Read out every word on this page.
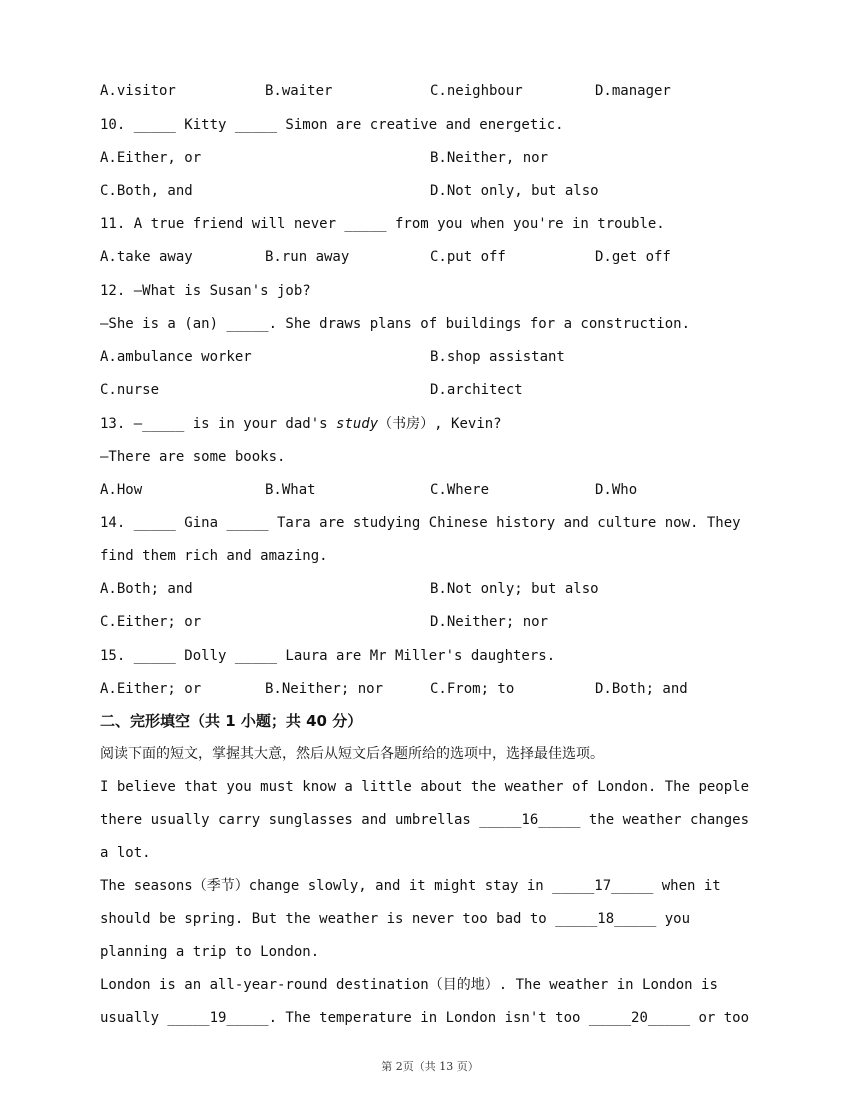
A.visitor	B.waiter	C.neighbour	D.manager
10. _____ Kitty _____ Simon are creative and energetic.
A.Either, or	B.Neither, nor
C.Both, and	D.Not only, but also
11. A true friend will never _____ from you when you're in trouble.
A.take away	B.run away	C.put off	D.get off
12. —What is Susan's job?
—She is a (an) _____. She draws plans of buildings for a construction.
A.ambulance worker	B.shop assistant
C.nurse	D.architect
13. —_____ is in your dad's study（书房）, Kevin?
—There are some books.
A.How	B.What	C.Where	D.Who
14. _____ Gina _____ Tara are studying Chinese history and culture now. They
find them rich and amazing.
A.Both; and	B.Not only; but also
C.Either; or	D.Neither; nor
15. _____ Dolly _____ Laura are Mr Miller's daughters.
A.Either; or	B.Neither; nor	C.From; to	D.Both; and
二、完形填空（共 1 小题；共 40 分）
阅读下面的短文，掌握其大意，然后从短文后各题所给的选项中，选择最佳选项。
I believe that you must know a little about the weather of London. The people
there usually carry sunglasses and umbrellas _____16_____ the weather changes
a lot.
The seasons（季节）change slowly, and it might stay in _____17_____ when it
should be spring. But the weather is never too bad to _____18_____ you
planning a trip to London.
London is an all-year-round destination（目的地）. The weather in London is
usually _____19_____. The temperature in London isn't too _____20_____ or too
第 2页（共 13 页）
